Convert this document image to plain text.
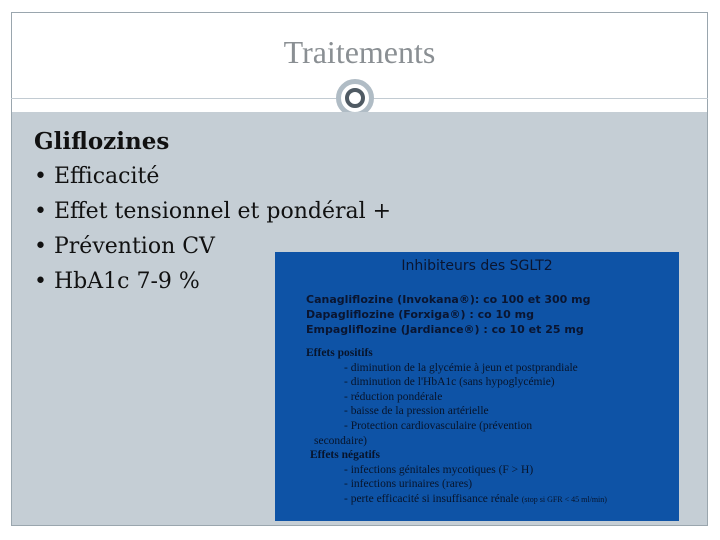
Traitements
Gliflozines
• Efficacité
• Effet tensionnel et pondéral +
• Prévention CV
• HbA1c 7-9 %
Inhibiteurs des SGLT2
Canagliflozine (Invokana®): co 100 et 300 mg
Dapagliflozine (Forxiga®) : co 10 mg
Empagliflozine (Jardiance®) : co 10 et 25 mg
Effets positifs
- diminution de la glycémie à jeun et postprandiale
- diminution de l'HbA1c (sans hypoglycémie)
- réduction pondérale
- baisse de la pression artérielle
- Protection cardiovasculaire (prévention
secondaire)
Effets négatifs
- infections génitales mycotiques (F > H)
- infections urinaires (rares)
- perte efficacité si insuffisance rénale (stop si GFR < 45 ml/min)
